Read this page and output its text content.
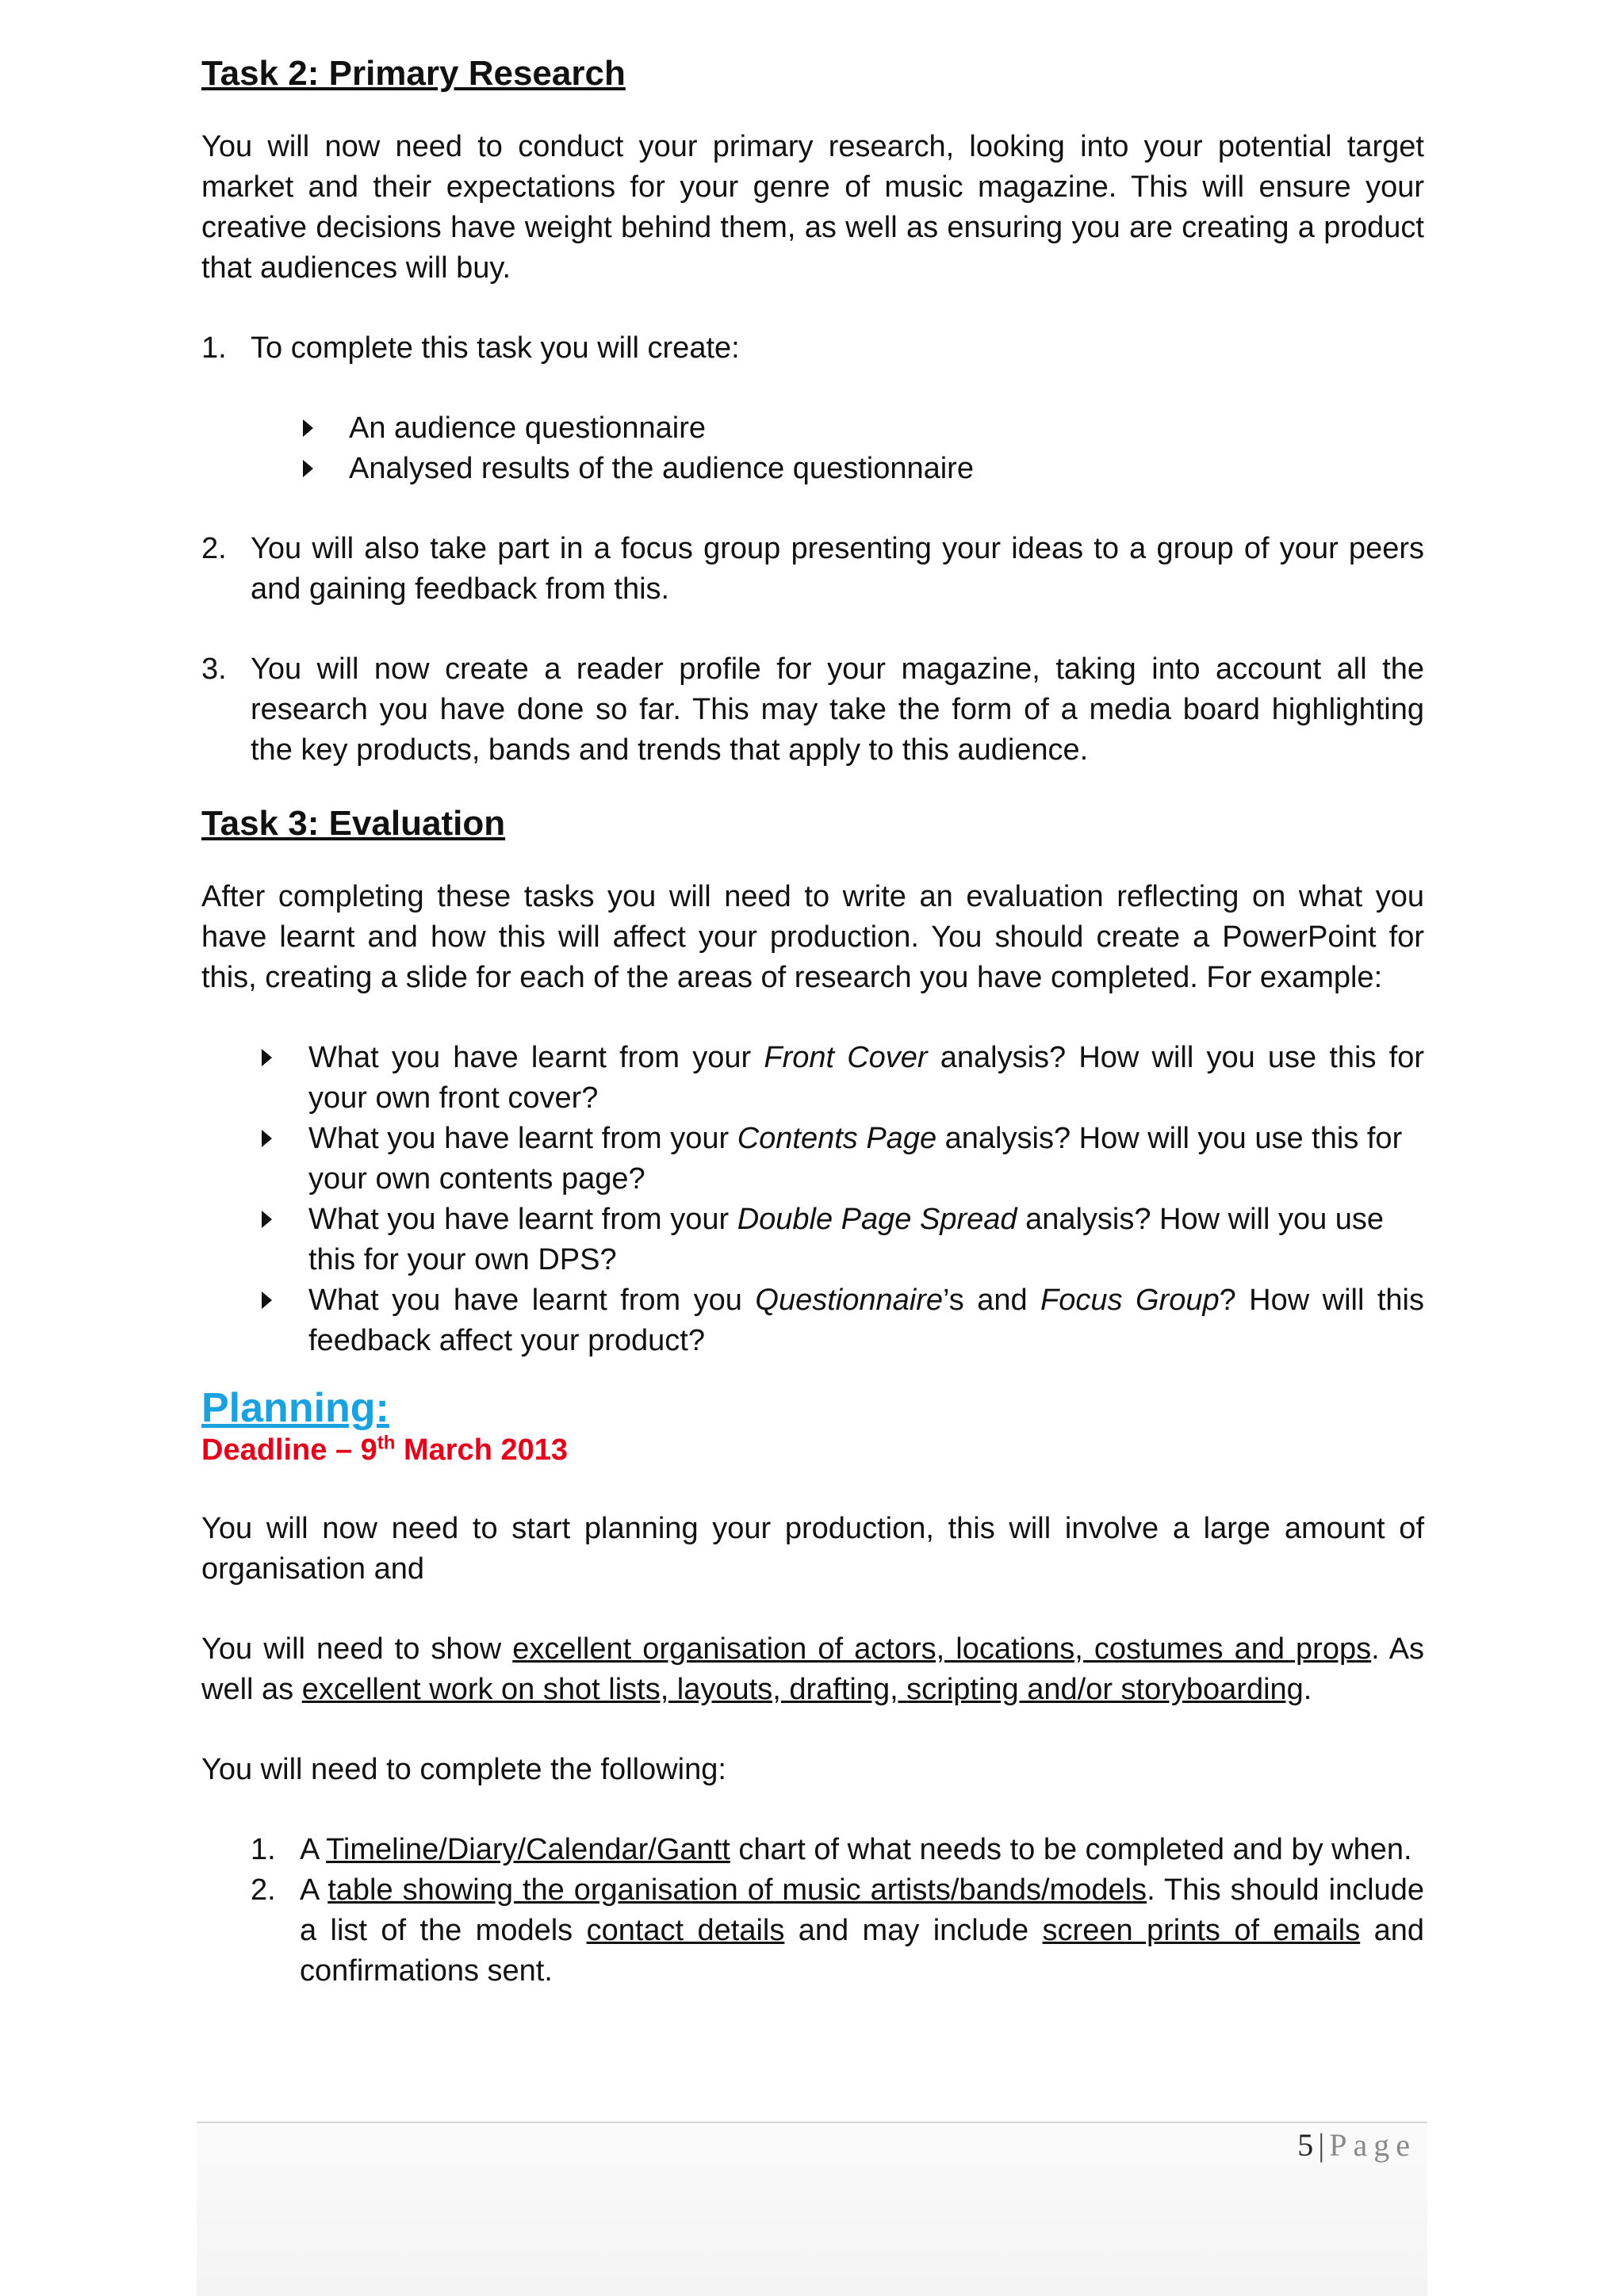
Task 2: Primary Research

You will now need to conduct your primary research, looking into your potential target market and their expectations for your genre of music magazine. This will ensure your creative decisions have weight behind them, as well as ensuring you are creating a product that audiences will buy.

1. To complete this task you will create:
An audience questionnaire
Analysed results of the audience questionnaire
2. You will also take part in a focus group presenting your ideas to a group of your peers and gaining feedback from this.
3. You will now create a reader profile for your magazine, taking into account all the research you have done so far. This may take the form of a media board highlighting the key products, bands and trends that apply to this audience.
Task 3: Evaluation

After completing these tasks you will need to write an evaluation reflecting on what you have learnt and how this will affect your production. You should create a PowerPoint for this, creating a slide for each of the areas of research you have completed. For example:

What you have learnt from your Front Cover analysis? How will you use this for your own front cover?
What you have learnt from your Contents Page analysis? How will you use this for your own contents page?
What you have learnt from your Double Page Spread analysis? How will you use this for your own DPS?
What you have learnt from you Questionnaire’s and Focus Group? How will this feedback affect your product?
Planning:
Deadline – 9th March 2013

You will now need to start planning your production, this will involve a large amount of organisation and

You will need to show excellent organisation of actors, locations, costumes and props. As well as excellent work on shot lists, layouts, drafting, scripting and/or storyboarding.

You will need to complete the following:

1. A Timeline/Diary/Calendar/Gantt chart of what needs to be completed and by when.
2. A table showing the organisation of music artists/bands/models. This should include a list of the models contact details and may include screen prints of emails and confirmations sent.
5 | Page
